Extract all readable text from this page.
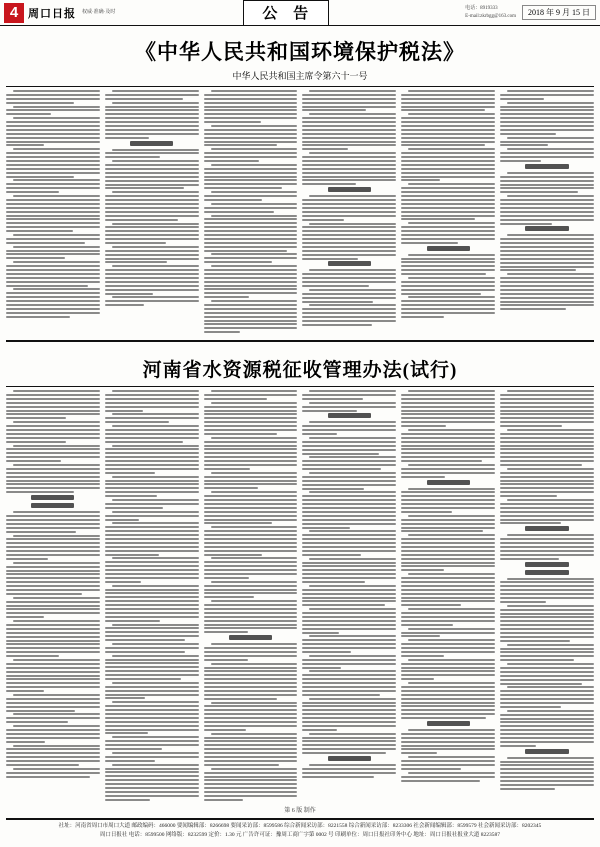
4 周口日报 权威·准确·及时	公 告	电话：8919333
E-mail:zkrbgg@163.com	2018 年 9 月 15 日
《中华人民共和国环境保护税法》
中华人民共和国主席令第六十一号
河南省水资源税征收管理办法(试行)
第 6 版 制作
社址：河南省周口市周口大道 邮政编码：466000 要闻编辑部：8266698 要闻采访部：8599586 综合新闻采访部：8221558 综合新闻采访部：8233306 社会新闻编辑部：8599579 社会新闻采访部：8202345
周口日报社 电话：8599500 网络版：8232599 定价：1.30 元 广告许可证：豫周工商广字第 0002 号 印刷单位：周口日报社印务中心 地址：周口日报社报业大道 8223587
